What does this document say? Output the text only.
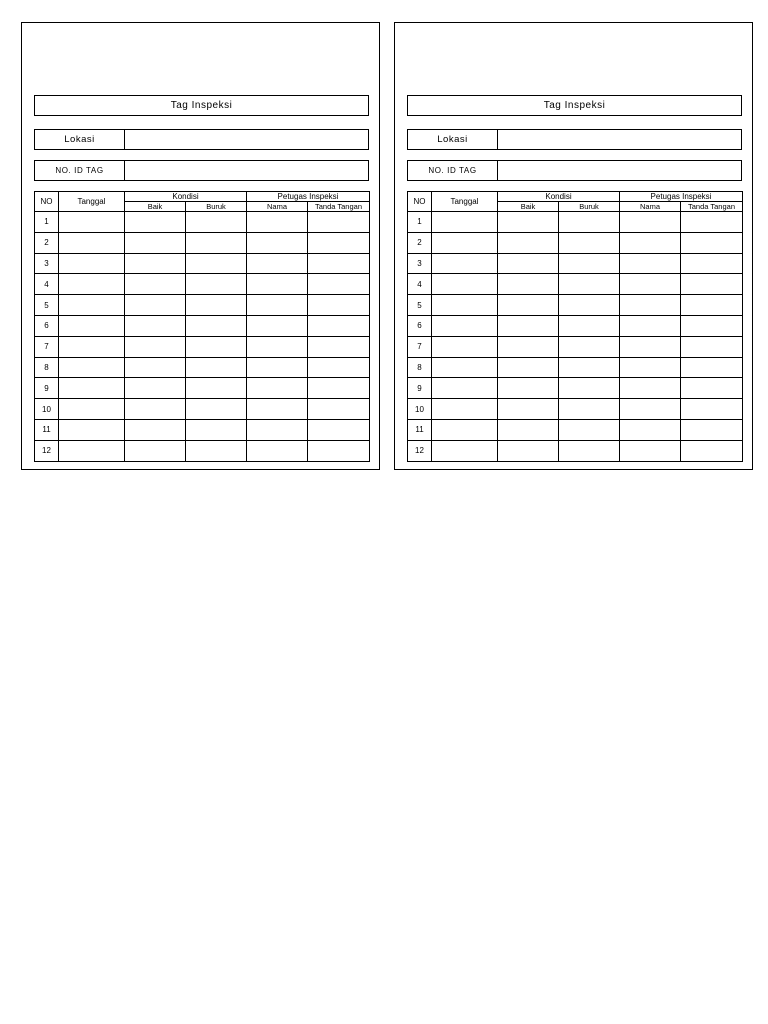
Tag Inspeksi
Lokasi
NO. ID TAG
NO	Tanggal	Kondisi		Petugas Inspeksi	
		Baik	Buruk	Nama	Tanda Tangan
1					
2					
3					
4					
5					
6					
7					
8					
9					
10					
11					
12					
Tag Inspeksi
Lokasi
NO. ID TAG
NO	Tanggal	Kondisi		Petugas Inspeksi	
		Baik	Buruk	Nama	Tanda Tangan
1					
2					
3					
4					
5					
6					
7					
8					
9					
10					
11					
12					
